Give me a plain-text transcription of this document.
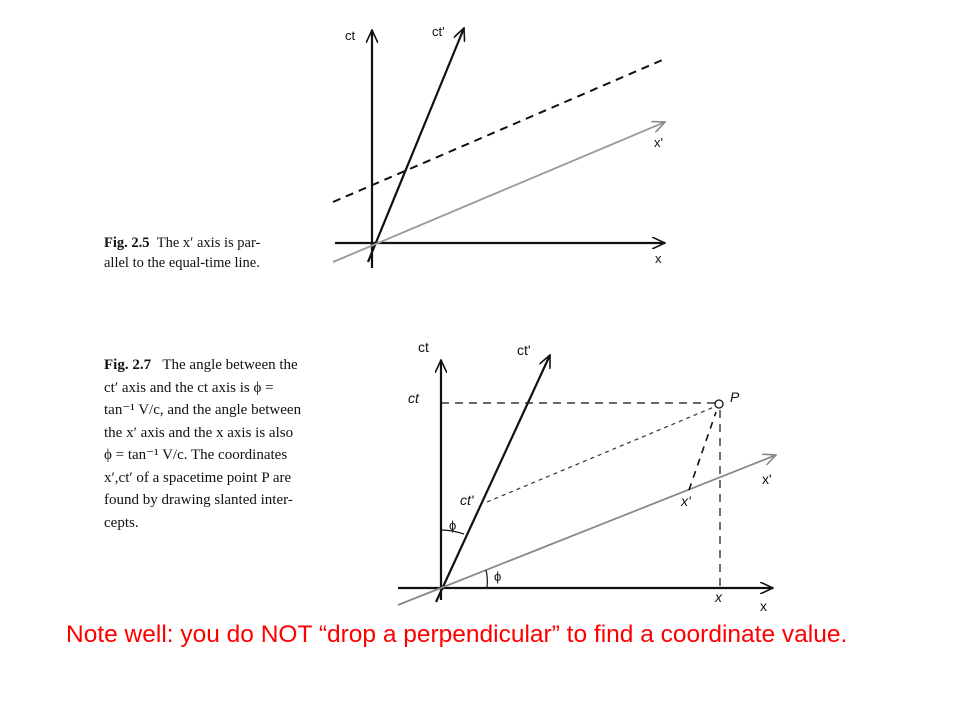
ct	ct'
x'
x
ct	ct'
x'
x
ct	P
ct'	x'
x
ϕ
ϕ
Fig. 2.5 The x′ axis is par-
allel to the equal-time line.
Fig. 2.7 The angle between the
ct′ axis and the ct axis is ϕ =
tan⁻¹ V/c, and the angle between
the x′ axis and the x axis is also
ϕ = tan⁻¹ V/c. The coordinates
x′,ct′ of a spacetime point P are
found by drawing slanted inter-
cepts.
Note well: you do NOT “drop a perpendicular” to find a coordinate value.
